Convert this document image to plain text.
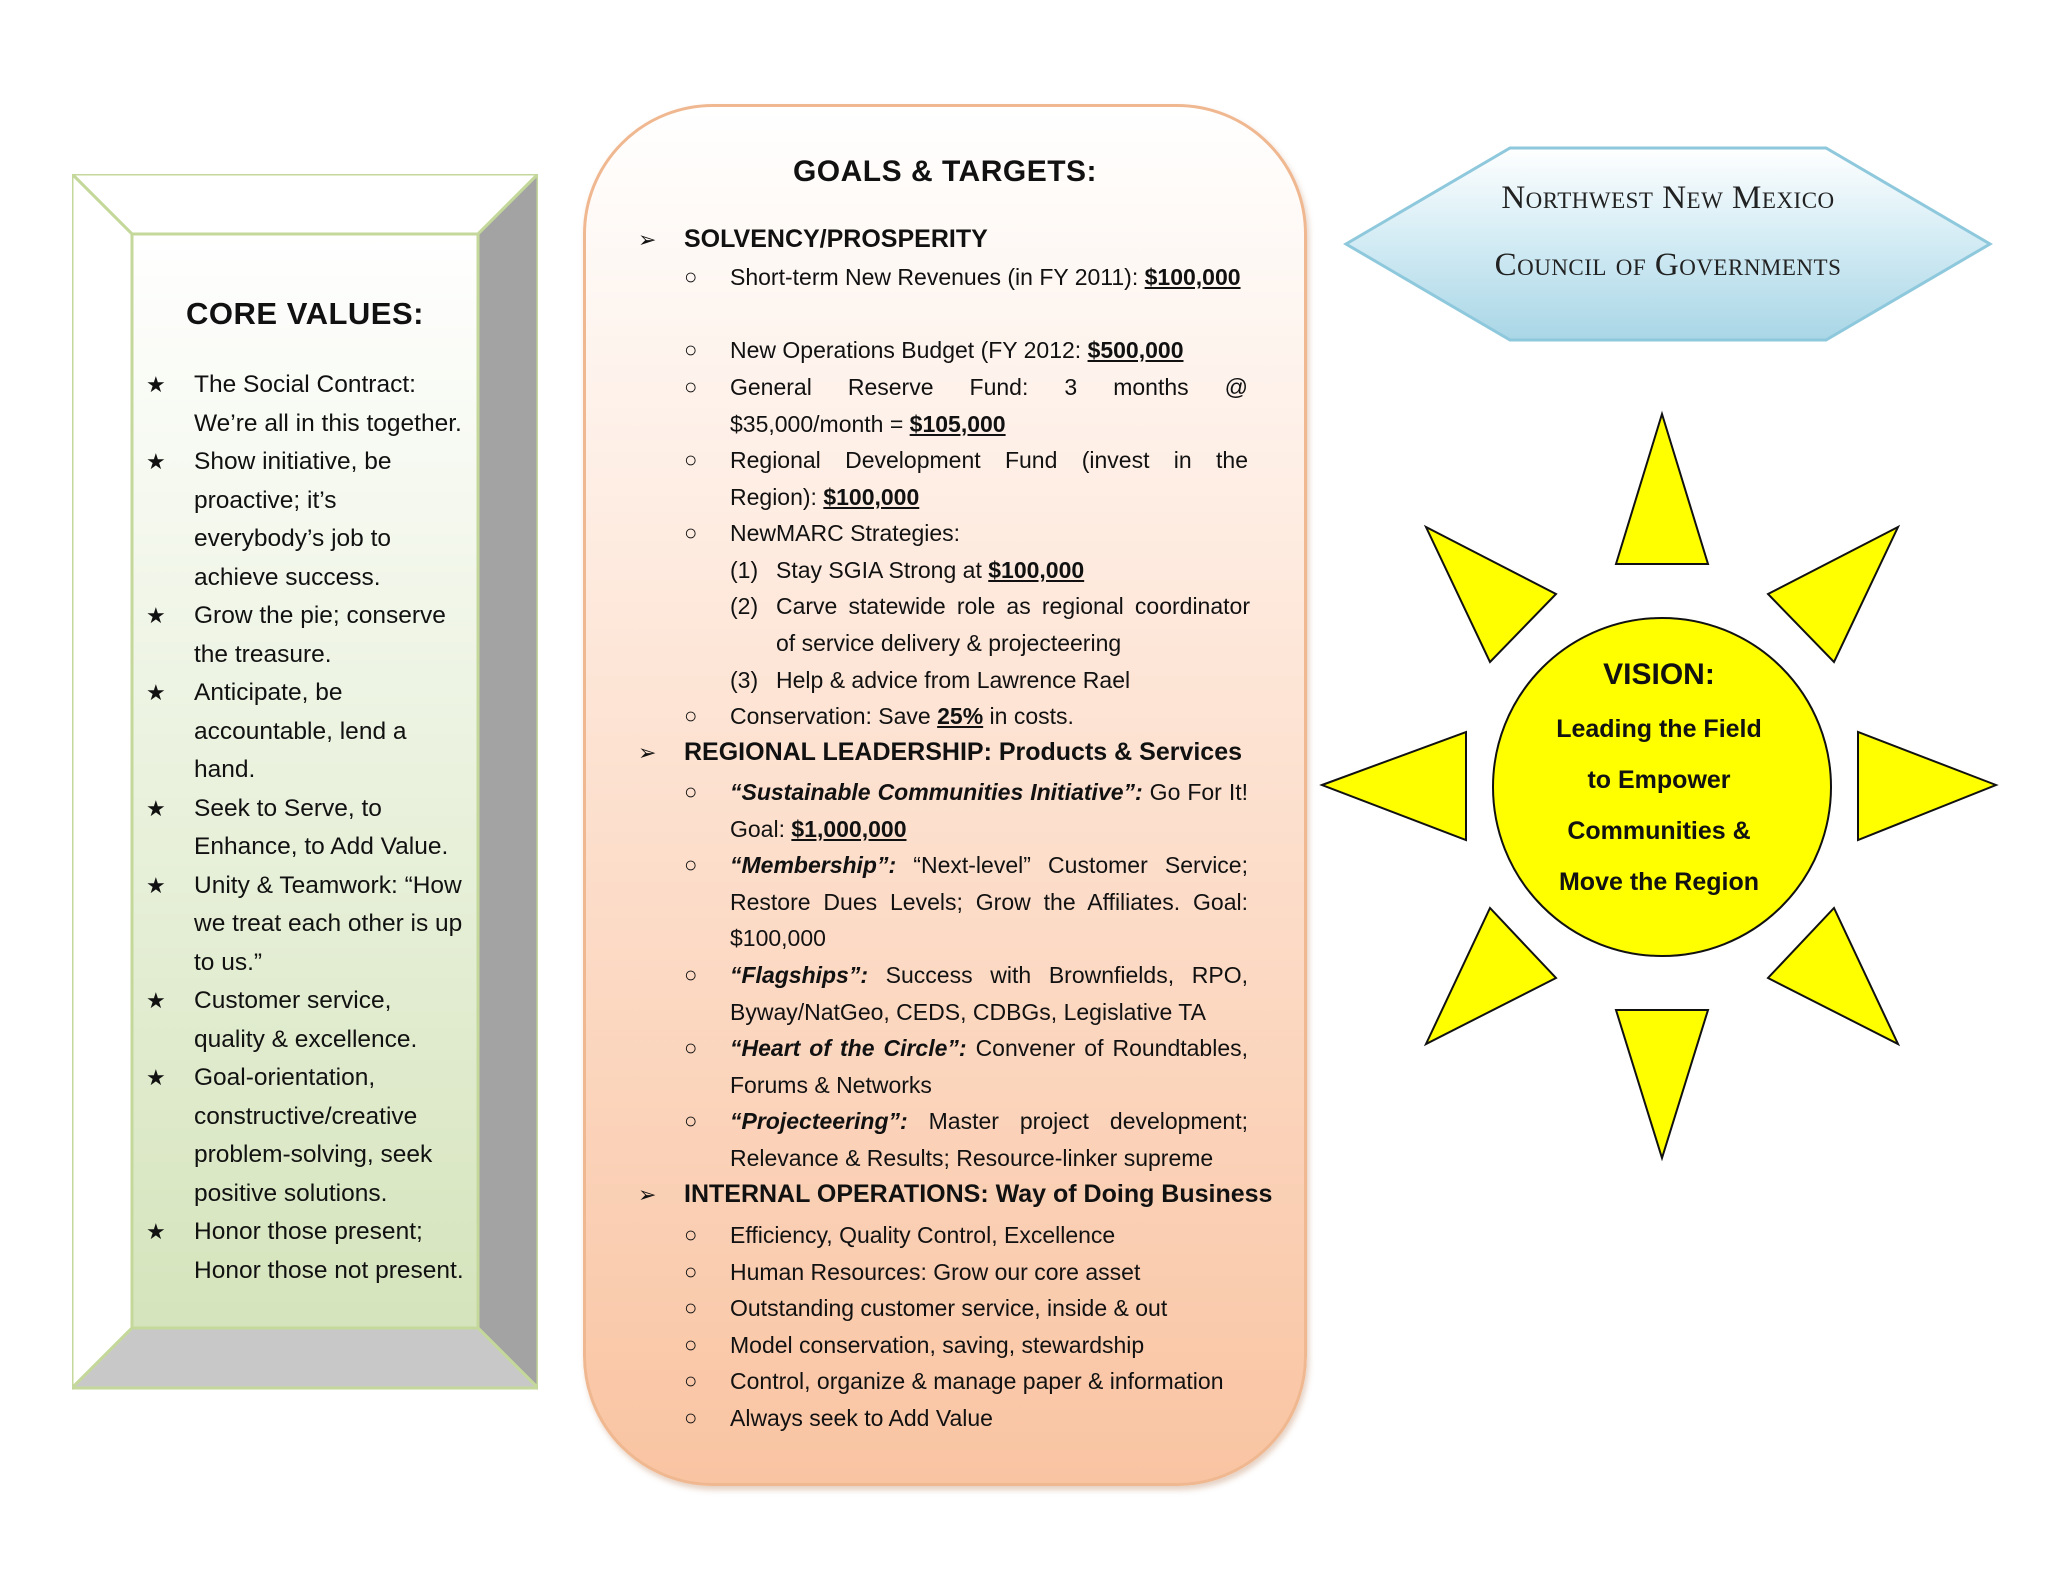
CORE VALUES:
★ The Social Contract: We’re all in this together.
★ Show initiative, be proactive; it’s everybody’s job to achieve success.
★ Grow the pie; conserve the treasure.
★ Anticipate, be accountable, lend a hand.
★ Seek to Serve, to Enhance, to Add Value.
★ Unity & Teamwork: “How we treat each other is up to us.”
★ Customer service, quality & excellence.
★ Goal-orientation, constructive/creative problem-solving, seek positive solutions.
★ Honor those present; Honor those not present.
GOALS & TARGETS:
➢ SOLVENCY/PROSPERITY
○ Short-term New Revenues (in FY 2011): $100,000
○ New Operations Budget (FY 2012: $500,000
○ General Reserve Fund: 3 months @ $35,000/month = $105,000
○ Regional Development Fund (invest in the Region): $100,000
○ NewMARC Strategies:
(1) Stay SGIA Strong at $100,000
(2) Carve statewide role as regional coordinator of service delivery & projecteering
(3) Help & advice from Lawrence Rael
○ Conservation: Save 25% in costs.
➢ REGIONAL LEADERSHIP: Products & Services
○ “Sustainable Communities Initiative”: Go For It! Goal: $1,000,000
○ “Membership”: “Next-level” Customer Service; Restore Dues Levels; Grow the Affiliates. Goal: $100,000
○ “Flagships”: Success with Brownfields, RPO, Byway/NatGeo, CEDS, CDBGs, Legislative TA
○ “Heart of the Circle”: Convener of Roundtables, Forums & Networks
○ “Projecteering”: Master project development; Relevance & Results; Resource-linker supreme
➢ INTERNAL OPERATIONS: Way of Doing Business
○ Efficiency, Quality Control, Excellence
○ Human Resources: Grow our core asset
○ Outstanding customer service, inside & out
○ Model conservation, saving, stewardship
○ Control, organize & manage paper & information
○ Always seek to Add Value
Northwest New Mexico
Council of Governments
VISION:
Leading the Field
to Empower
Communities &
Move the Region
